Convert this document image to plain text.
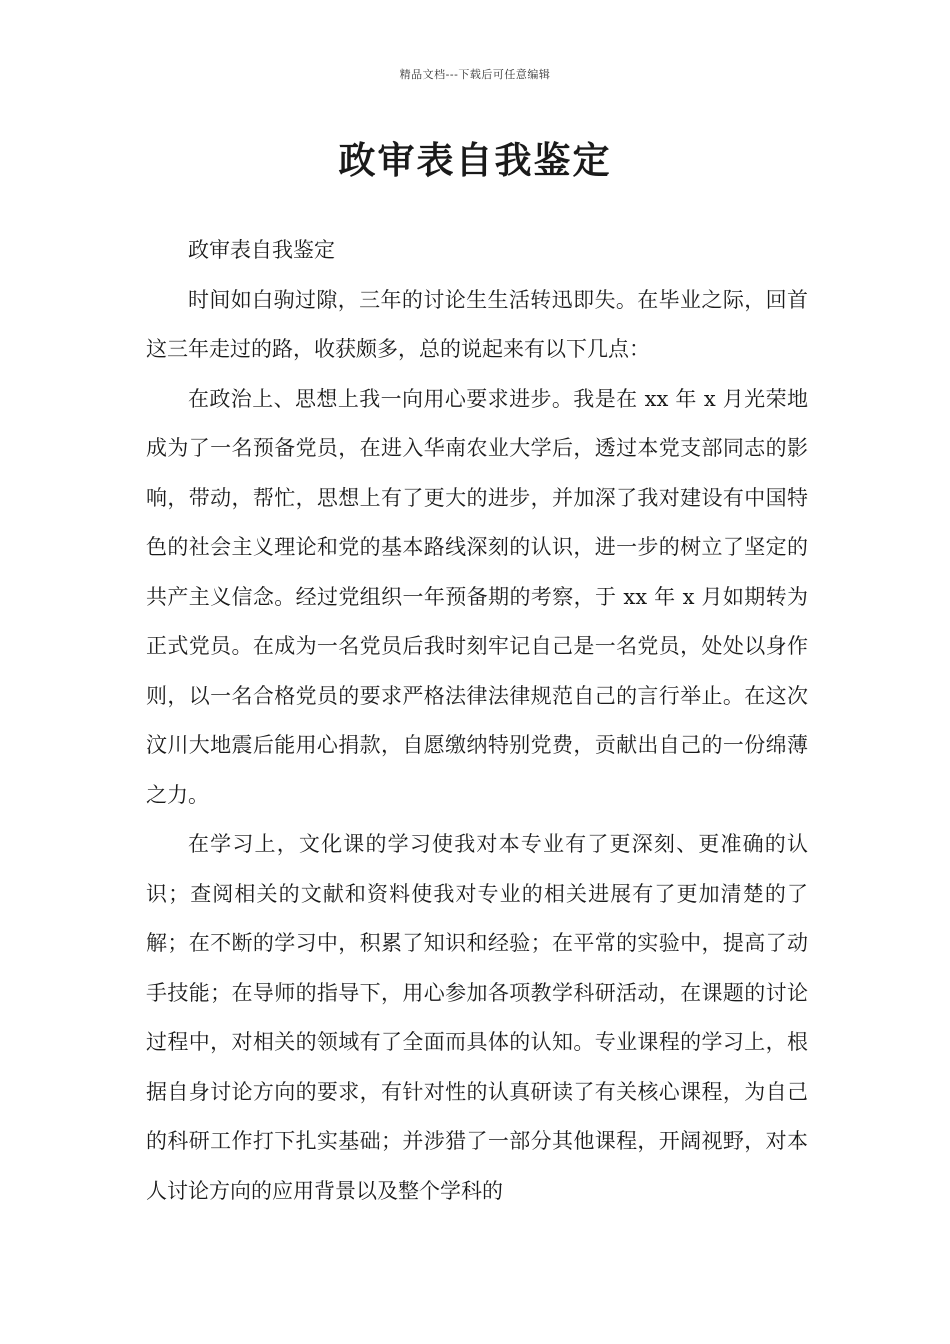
精品文档---下载后可任意编辑
政审表自我鉴定

政审表自我鉴定

时间如白驹过隙，三年的讨论生生活转迅即失。在毕业之际，回首这三年走过的路，收获颇多，总的说起来有以下几点：

在政治上、思想上我一向用心要求进步。我是在 xx 年 x 月光荣地成为了一名预备党员，在进入华南农业大学后，透过本党支部同志的影响，带动，帮忙，思想上有了更大的进步，并加深了我对建设有中国特色的社会主义理论和党的基本路线深刻的认识，进一步的树立了坚定的共产主义信念。经过党组织一年预备期的考察，于 xx 年 x 月如期转为正式党员。在成为一名党员后我时刻牢记自己是一名党员，处处以身作则，以一名合格党员的要求严格法律法律规范自己的言行举止。在这次汶川大地震后能用心捐款，自愿缴纳特别党费，贡献出自己的一份绵薄之力。

在学习上，文化课的学习使我对本专业有了更深刻、更准确的认识；查阅相关的文献和资料使我对专业的相关进展有了更加清楚的了解；在不断的学习中，积累了知识和经验；在平常的实验中，提高了动手技能；在导师的指导下，用心参加各项教学科研活动，在课题的讨论过程中，对相关的领域有了全面而具体的认知。专业课程的学习上，根据自身讨论方向的要求，有针对性的认真研读了有关核心课程，为自己的科研工作打下扎实基础；并涉猎了一部分其他课程，开阔视野，对本人讨论方向的应用背景以及整个学科的
